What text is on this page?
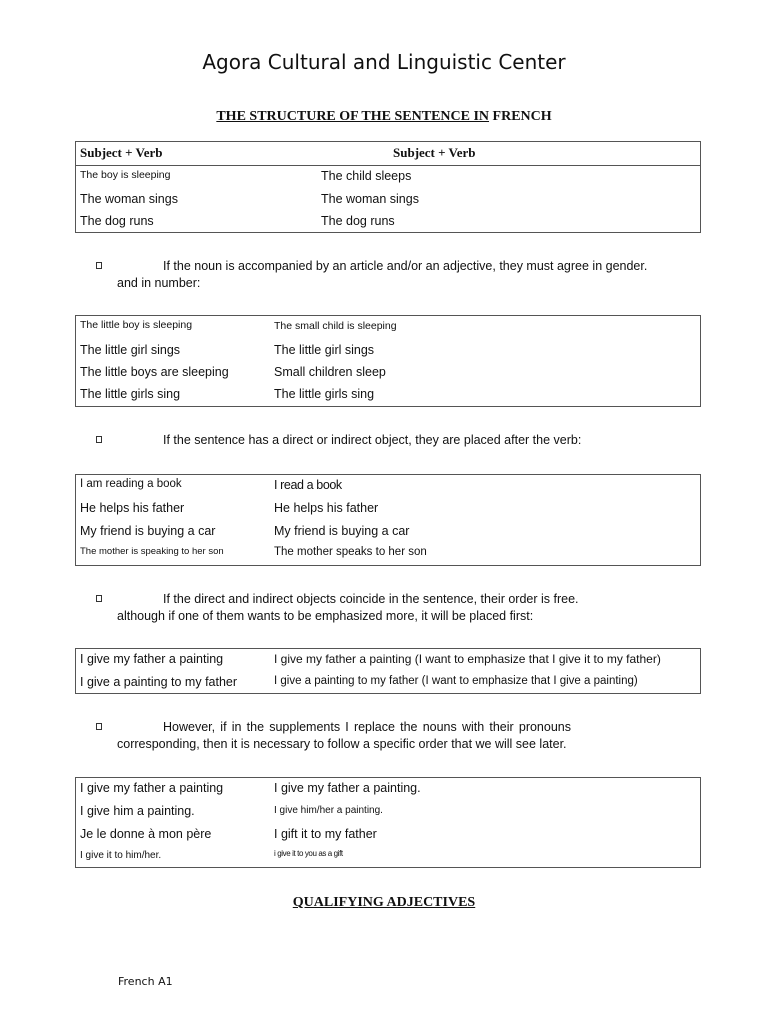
Agora Cultural and Linguistic Center
THE STRUCTURE OF THE SENTENCE IN FRENCH
Subject + Verb	Subject + Verb
The boy is sleeping	The child sleeps
The woman sings	The woman sings
The dog runs	The dog runs
If the noun is accompanied by an article and/or an adjective, they must agree in gender.
and in number:
The little boy is sleeping	The small child is sleeping
The little girl sings	The little girl sings
The little boys are sleeping	Small children sleep
The little girls sing	The little girls sing
If the sentence has a direct or indirect object, they are placed after the verb:
I am reading a book	I read a book
He helps his father	He helps his father
My friend is buying a car	My friend is buying a car
The mother is speaking to her son	The mother speaks to her son
If the direct and indirect objects coincide in the sentence, their order is free.
although if one of them wants to be emphasized more, it will be placed first:
I give my father a painting	I give my father a painting (I want to emphasize that I give it to my father)
I give a painting to my father	I give a painting to my father (I want to emphasize that I give a painting)
However, if in the supplements I replace the nouns with their pronouns
corresponding, then it is necessary to follow a specific order that we will see later.
I give my father a painting	I give my father a painting.
I give him a painting.	I give him/her a painting.
Je le donne à mon père	I gift it to my father
I give it to him/her.	i give it to you as a gift
QUALIFYING ADJECTIVES
French A1
